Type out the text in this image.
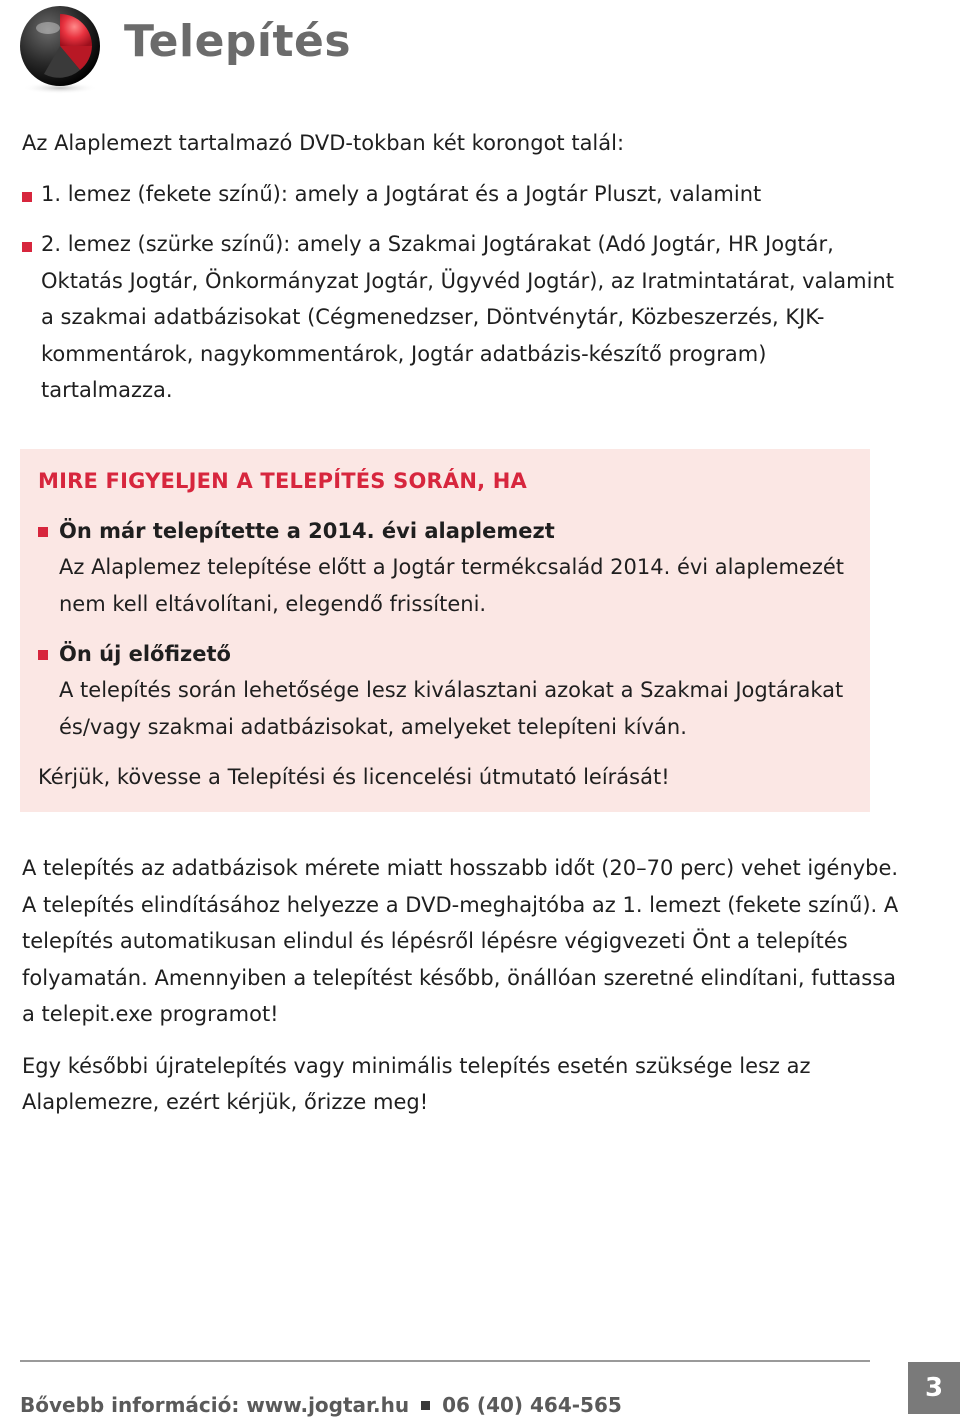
Telepítés

Az Alaplemezt tartalmazó DVD-tokban két korongot talál:

1. lemez (fekete színű): amely a Jogtárat és a Jogtár Pluszt, valamint
2. lemez (szürke színű): amely a Szakmai Jogtárakat (Adó Jogtár, HR Jogtár, Oktatás Jogtár, Önkormányzat Jogtár, Ügyvéd Jogtár), az Iratmintatárat, valamint a szakmai adatbázisokat (Cégmenedzser, Döntvénytár, Közbeszerzés, KJK-kommentárok, nagykommentárok, Jogtár adatbázis-készítő program) tartalmazza.

MIRE FIGYELJEN A TELEPÍTÉS SORÁN, HA

Ön már telepítette a 2014. évi alaplemezt

Az Alaplemez telepítése előtt a Jogtár termékcsalád 2014. évi alaplemezét nem kell eltávolítani, elegendő frissíteni.

Ön új előfizető

A telepítés során lehetősége lesz kiválasztani azokat a Szakmai Jogtárakat és/vagy szakmai adatbázisokat, amelyeket telepíteni kíván.

Kérjük, kövesse a Telepítési és licencelési útmutató leírását!

A telepítés az adatbázisok mérete miatt hosszabb időt (20–70 perc) vehet igénybe. A telepítés elindításához helyezze a DVD-meghajtóba az 1. lemezt (fekete színű). A telepítés automatikusan elindul és lépésről lépésre végigvezeti Önt a telepítés folyamatán. Amennyiben a telepítést később, önállóan szeretné elindítani, futtassa a telepit.exe programot!

Egy későbbi újratelepítés vagy minimális telepítés esetén szüksége lesz az Alaplemezre, ezért kérjük, őrizze meg!

Bővebb információ: www.jogtar.hu 06 (40) 464-565
3
